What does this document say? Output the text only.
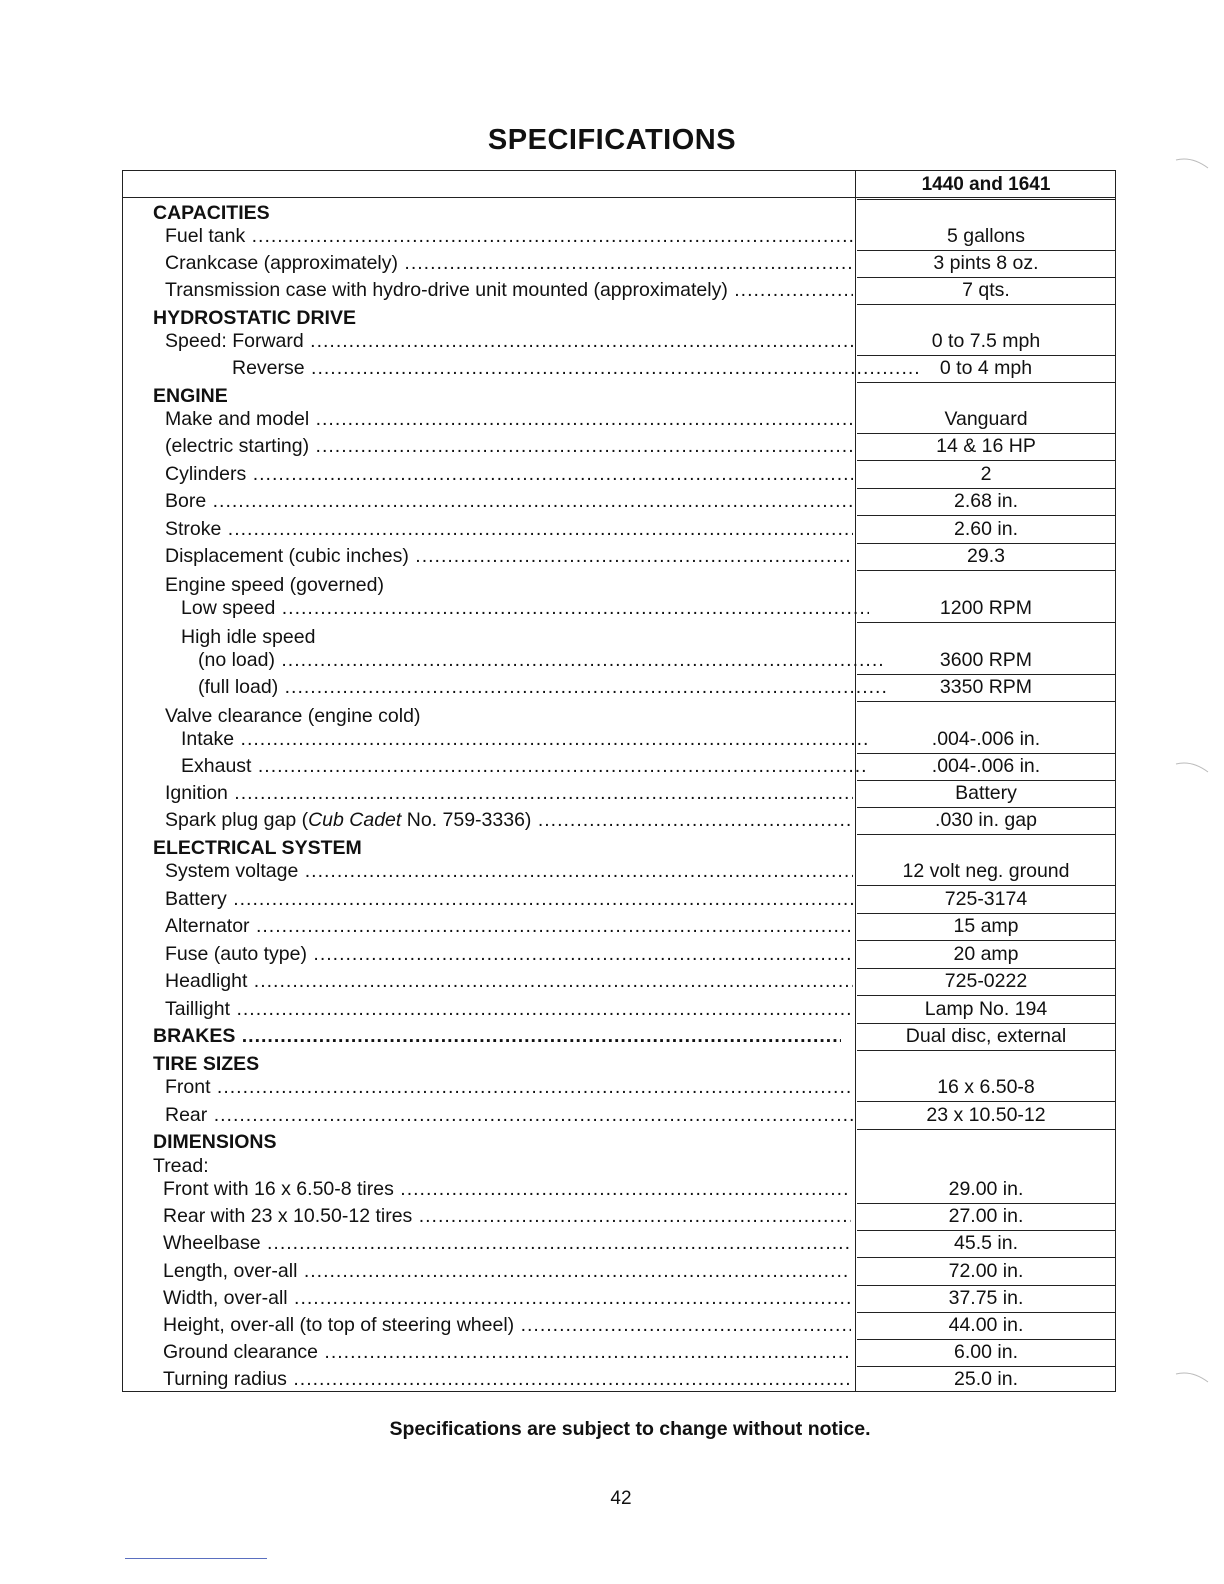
SPECIFICATIONS
1440 and 1641
CAPACITIES
Fuel tank .....	5 gallons
Crankcase (approximately) .....	3 pints 8 oz.
Transmission case with hydro-drive unit mounted (approximately) .....	7 qts.
HYDROSTATIC DRIVE
Speed: Forward .....	0 to 7.5 mph
Reverse .....	0 to 4 mph
ENGINE
Make and model .....	Vanguard
(electric starting) .....	14 & 16 HP
Cylinders .....	2
Bore .....	2.68 in.
Stroke .....	2.60 in.
Displacement (cubic inches) .....	29.3
Engine speed (governed)
Low speed .....	1200 RPM
High idle speed
(no load) .....	3600 RPM
(full load) .....	3350 RPM
Valve clearance (engine cold)
Intake .....	.004-.006 in.
Exhaust .....	.004-.006 in.
Ignition .....	Battery
Spark plug gap (Cub Cadet No. 759-3336) .....	.030 in. gap
ELECTRICAL SYSTEM
System voltage .....	12 volt neg. ground
Battery .....	725-3174
Alternator .....	15 amp
Fuse (auto type) .....	20 amp
Headlight .....	725-0222
Taillight .....	Lamp No. 194
BRAKES .....	Dual disc, external
TIRE SIZES
Front .....	16 x 6.50-8
Rear .....	23 x 10.50-12
DIMENSIONS
Tread:
Front with 16 x 6.50-8 tires .....	29.00 in.
Rear with 23 x 10.50-12 tires .....	27.00 in.
Wheelbase .....	45.5 in.
Length, over-all .....	72.00 in.
Width, over-all .....	37.75 in.
Height, over-all (to top of steering wheel) .....	44.00 in.
Ground clearance .....	6.00 in.
Turning radius .....	25.0 in.
Specifications are subject to change without notice.
42
